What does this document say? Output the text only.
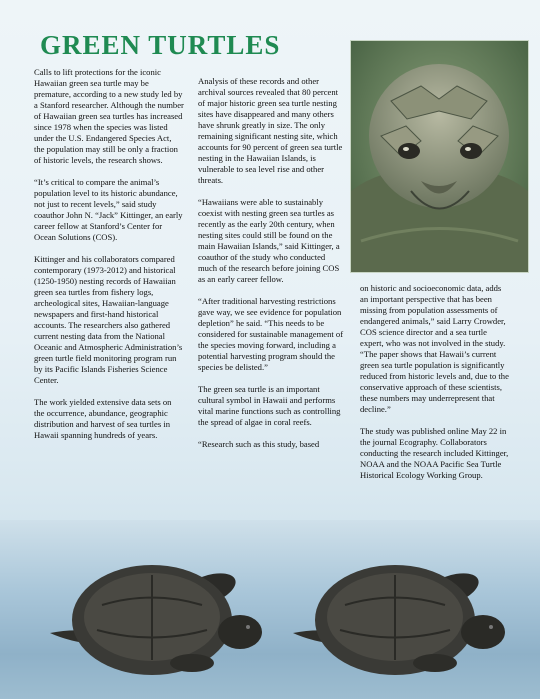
GREEN TURTLES

Calls to lift protections for the iconic Hawaiian green sea turtle may be premature, according to a new study led by a Stanford researcher. Although the number of Hawaiian green sea turtles has increased since 1978 when the species was listed under the U.S. Endangered Species Act, the population may still be only a fraction of historic levels, the research shows.

“It’s critical to compare the animal’s population level to its historic abundance, not just to recent levels,” said study coauthor John N. “Jack” Kittinger, an early career fellow at Stanford’s Center for Ocean Solutions (COS).

Kittinger and his collaborators compared contemporary (1973-2012) and historical (1250-1950) nesting records of Hawaiian green sea turtles from fishery logs, archeological sites, Hawaiian-language newspapers and first-hand historical accounts. The researchers also gathered current nesting data from the National Oceanic and Atmospheric Administration’s green turtle field monitoring program run by its Pacific Islands Fisheries Science Center.

The work yielded extensive data sets on the occurrence, abundance, geographic distribution and harvest of sea turtles in Hawaii spanning hundreds of years.

Analysis of these records and other archival sources revealed that 80 percent of major historic green sea turtle nesting sites have disappeared and many others have shrunk greatly in size. The only remaining significant nesting site, which accounts for 90 percent of green sea turtle nesting in the Hawaiian Islands, is vulnerable to sea level rise and other threats.

“Hawaiians were able to sustainably coexist with nesting green sea turtles as recently as the early 20th century, when nesting sites could still be found on the main Hawaiian Islands,” said Kittinger, a coauthor of the study who conducted much of the research before joining COS as an early career fellow.

“After traditional harvesting restrictions gave way, we see evidence for population depletion” he said. “This needs to be considered for sustainable management of the species moving forward, including a potential harvesting program should the species be delisted.”

The green sea turtle is an important cultural symbol in Hawaii and performs vital marine functions such as controlling the spread of algae in coral reefs.

“Research such as this study, based

on historic and socioeconomic data, adds an important perspective that has been missing from population assessments of endangered animals,” said Larry Crowder, COS science director and a sea turtle expert, who was not involved in the study. “The paper shows that Hawaii’s current green sea turtle population is significantly reduced from historic levels and, due to the conservative approach of these scientists, these numbers may underrepresent that decline.”

The study was published online May 22 in the journal Ecography. Collaborators conducting the research included Kittinger, NOAA and the NOAA Pacific Sea Turtle Historical Ecology Working Group.
